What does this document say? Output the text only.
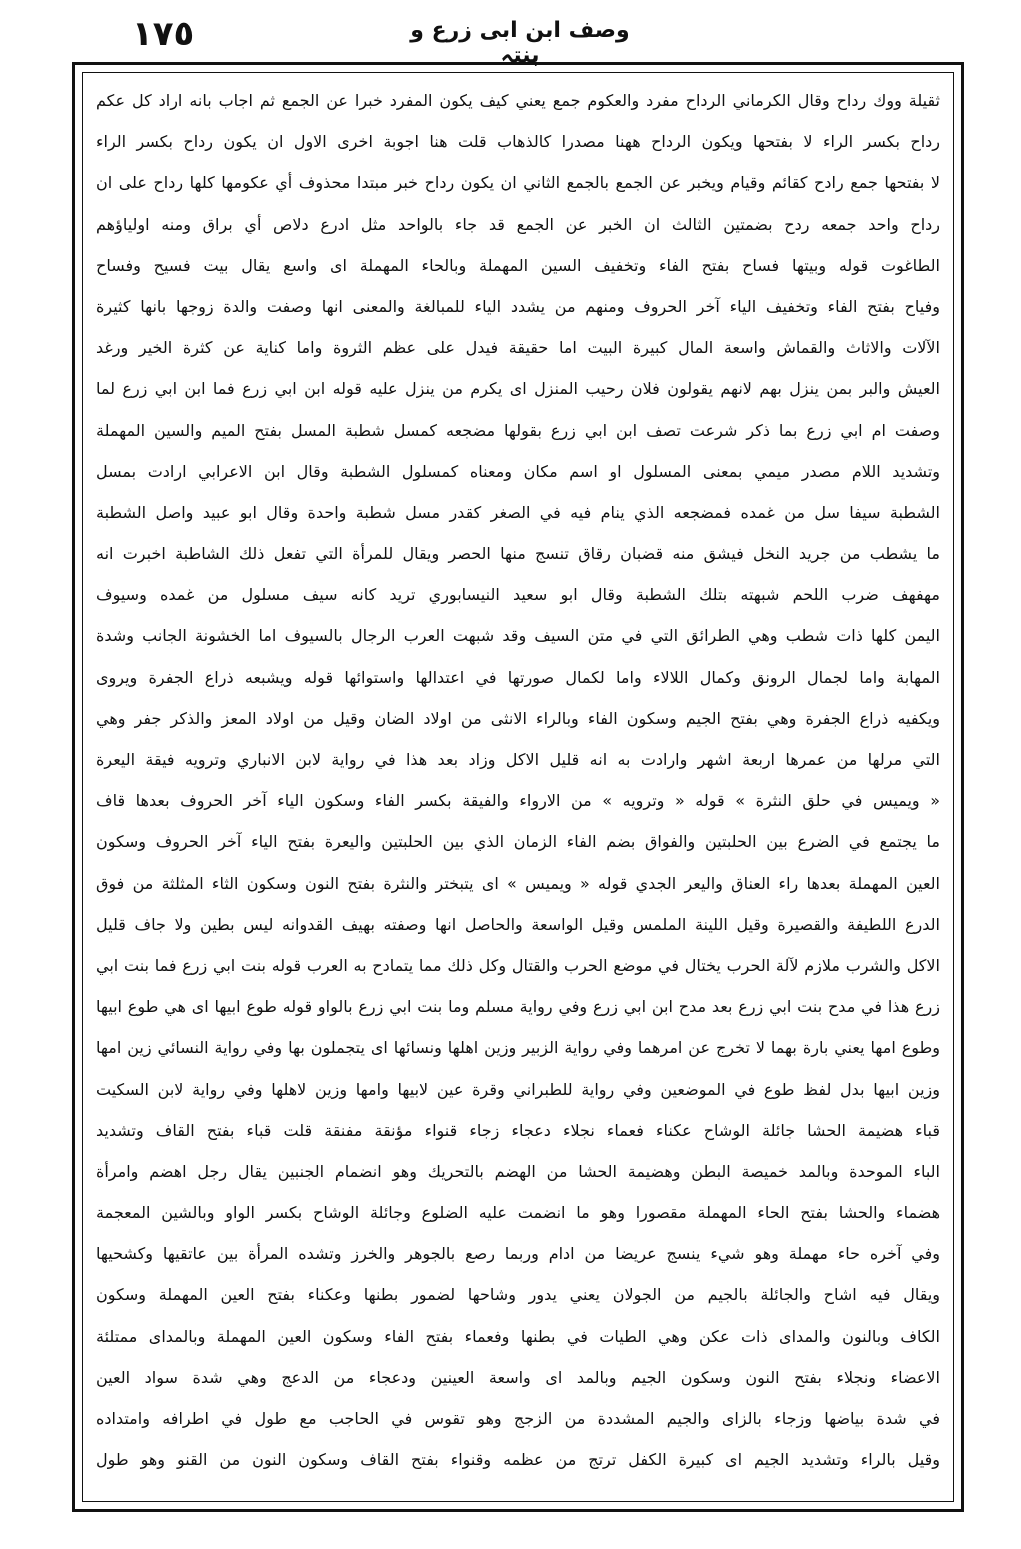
١٧٥	وصف ابن ابی زرع و بنتہ
ثقيلة ووك رداح وقال الكرماني الرداح مفرد والعكوم جمع يعني كيف يكون المفرد خبرا عن الجمع ثم اجاب بانه اراد كل عكم
رداح بكسر الراء لا بفتحها ويكون الرداح ههنا مصدرا كالذهاب قلت هنا اجوبة اخرى الاول ان يكون رداح بكسر الراء
لا بفتحها جمع رادح كقائم وقيام ويخبر عن الجمع بالجمع الثاني ان يكون رداح خبر مبتدا محذوف أي عكومها كلها رداح على ان
رداح واحد جمعه ردح بضمتين الثالث ان الخبر عن الجمع قد جاء بالواحد مثل ادرع دلاص أي براق ومنه اولياؤهم
الطاغوت قوله وبيتها فساح بفتح الفاء وتخفيف السين المهملة وبالحاء المهملة اى واسع يقال بيت فسيح وفساح
وفياح بفتح الفاء وتخفيف الياء آخر الحروف ومنهم من يشدد الياء للمبالغة والمعنى انها وصفت والدة زوجها بانها كثيرة
الآلات والاثاث والقماش واسعة المال كبيرة البيت اما حقيقة فيدل على عظم الثروة واما كناية عن كثرة الخير ورغد
العيش والبر بمن ينزل بهم لانهم يقولون فلان رحيب المنزل اى يكرم من ينزل عليه قوله ابن ابي زرع فما ابن ابي زرع لما
وصفت ام ابي زرع بما ذكر شرعت تصف ابن ابي زرع بقولها مضجعه كمسل شطبة المسل بفتح الميم والسين المهملة
وتشديد اللام مصدر ميمي بمعنى المسلول او اسم مكان ومعناه كمسلول الشطبة وقال ابن الاعرابي ارادت بمسل
الشطبة سيفا سل من غمده فمضجعه الذي ينام فيه في الصغر كقدر مسل شطبة واحدة وقال ابو عبيد واصل الشطبة
ما يشطب من جريد النخل فيشق منه قضبان رقاق تنسج منها الحصر ويقال للمرأة التي تفعل ذلك الشاطبة اخبرت انه
مهفهف ضرب اللحم شبهته بتلك الشطبة وقال ابو سعيد النيسابوري تريد كانه سيف مسلول من غمده وسيوف
اليمن كلها ذات شطب وهي الطرائق التي في متن السيف وقد شبهت العرب الرجال بالسيوف اما الخشونة الجانب وشدة
المهابة واما لجمال الرونق وكمال اللالاء واما لكمال صورتها في اعتدالها واستوائها قوله ويشبعه ذراع الجفرة ويروى
ويكفيه ذراع الجفرة وهي بفتح الجيم وسكون الفاء وبالراء الانثى من اولاد الضان وقيل من اولاد المعز والذكر جفر وهي
التي مرلها من عمرها اربعة اشهر وارادت به انه قليل الاكل وزاد بعد هذا في رواية لابن الانباري وترويه فيقة اليعرة
« ويميس في حلق النثرة » قوله « وترويه » من الارواء والفيقة بكسر الفاء وسكون الياء آخر الحروف بعدها قاف
ما يجتمع في الضرع بين الحلبتين والفواق بضم الفاء الزمان الذي بين الحلبتين واليعرة بفتح الياء آخر الحروف وسكون
العين المهملة بعدها راء العناق واليعر الجدي قوله « ويميس » اى يتبختر والنثرة بفتح النون وسكون الثاء المثلثة من فوق
الدرع اللطيفة والقصيرة وقيل اللينة الملمس وقيل الواسعة والحاصل انها وصفته بهيف القدوانه ليس بطين ولا جاف قليل
الاكل والشرب ملازم لآلة الحرب يختال في موضع الحرب والقتال وكل ذلك مما يتمادح به العرب قوله بنت ابي زرع فما بنت ابي
زرع هذا في مدح بنت ابي زرع بعد مدح ابن ابي زرع وفي رواية مسلم وما بنت ابي زرع بالواو قوله طوع ابيها اى هي طوع ابيها
وطوع امها يعني بارة بهما لا تخرج عن امرهما وفي رواية الزبير وزين اهلها ونسائها اى يتجملون بها وفي رواية النسائي زين امها
وزين ابيها بدل لفظ طوع في الموضعين وفي رواية للطبراني وقرة عين لابيها وامها وزين لاهلها وفي رواية لابن السكيت
قباء هضيمة الحشا جائلة الوشاح عكناء فعماء نجلاء دعجاء زجاء قنواء مؤنقة مفنقة قلت قباء بفتح القاف وتشديد
الباء الموحدة وبالمد خميصة البطن وهضيمة الحشا من الهضم بالتحريك وهو انضمام الجنبين يقال رجل اهضم وامرأة
هضماء والحشا بفتح الحاء المهملة مقصورا وهو ما انضمت عليه الضلوع وجائلة الوشاح بكسر الواو وبالشين المعجمة
وفي آخره حاء مهملة وهو شيء ينسج عريضا من ادام وربما رصع بالجوهر والخرز وتشده المرأة بين عاتقيها وكشحيها
ويقال فيه اشاح والجائلة بالجيم من الجولان يعني يدور وشاحها لضمور بطنها وعكناء بفتح العين المهملة وسكون
الكاف وبالنون والمداى ذات عكن وهي الطيات في بطنها وفعماء بفتح الفاء وسكون العين المهملة وبالمداى ممتلئة
الاعضاء ونجلاء بفتح النون وسكون الجيم وبالمد اى واسعة العينين ودعجاء من الدعج وهي شدة سواد العين
في شدة بياضها وزجاء بالزاى والجيم المشددة من الزجج وهو تقوس في الحاجب مع طول في اطرافه وامتداده
وقيل بالراء وتشديد الجيم اى كبيرة الكفل ترتج من عظمه وقنواء بفتح القاف وسكون النون من القنو وهو طول
